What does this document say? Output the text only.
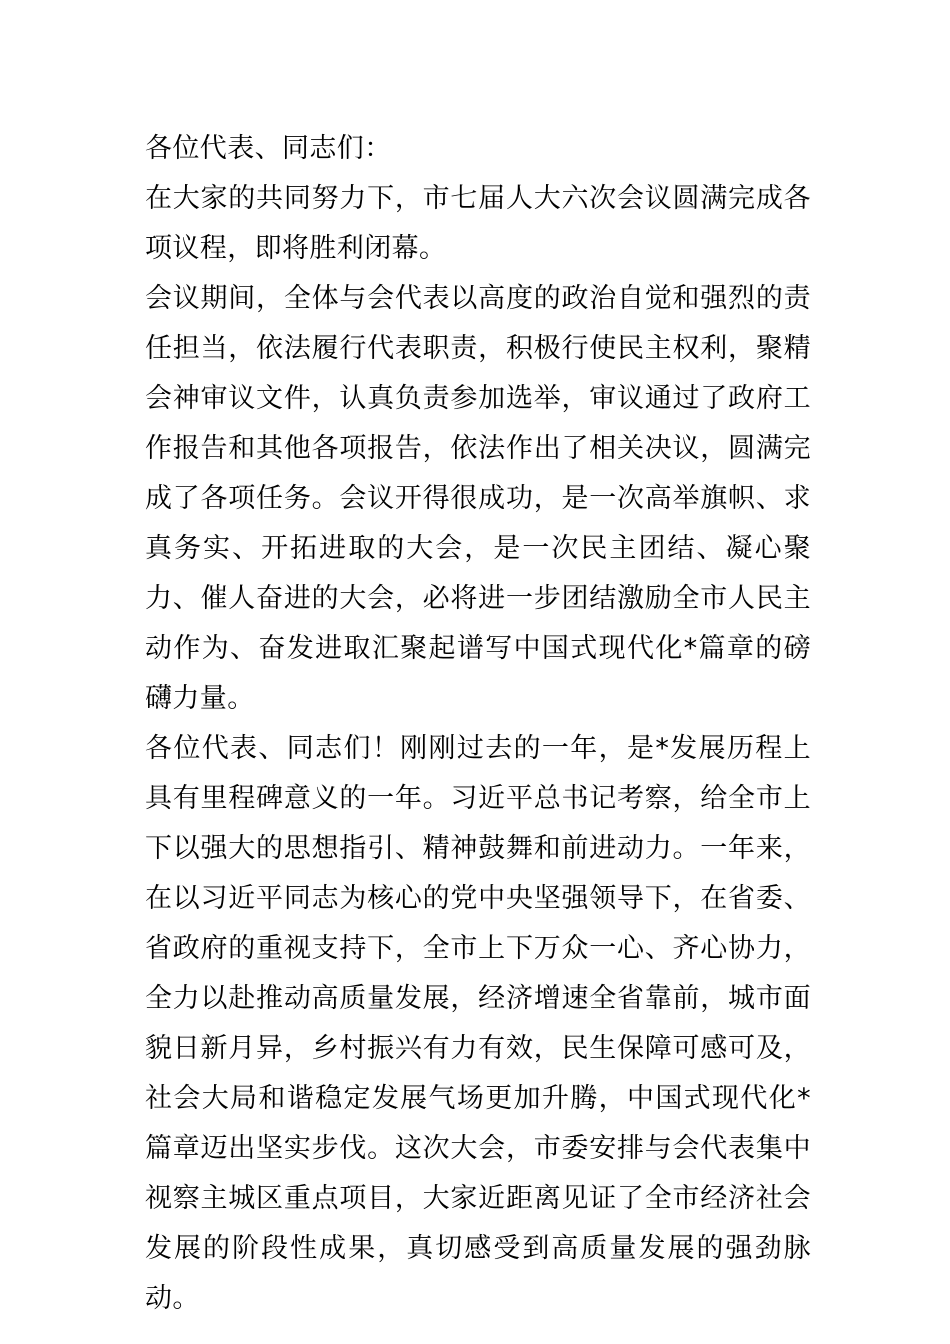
各位代表、同志们：

在大家的共同努力下，市七届人大六次会议圆满完成各项议程，即将胜利闭幕。

会议期间，全体与会代表以高度的政治自觉和强烈的责任担当，依法履行代表职责，积极行使民主权利，聚精会神审议文件，认真负责参加选举，审议通过了政府工作报告和其他各项报告，依法作出了相关决议，圆满完成了各项任务。会议开得很成功，是一次高举旗帜、求真务实、开拓进取的大会，是一次民主团结、凝心聚力、催人奋进的大会，必将进一步团结激励全市人民主动作为、奋发进取汇聚起谱写中国式现代化*篇章的磅礴力量。

各位代表、同志们！刚刚过去的一年，是*发展历程上具有里程碑意义的一年。习近平总书记考察，给全市上下以强大的思想指引、精神鼓舞和前进动力。一年来，在以习近平同志为核心的党中央坚强领导下，在省委、省政府的重视支持下，全市上下万众一心、齐心协力，全力以赴推动高质量发展，经济增速全省靠前，城市面貌日新月异，乡村振兴有力有效，民生保障可感可及，社会大局和谐稳定发展气场更加升腾，中国式现代化*篇章迈出坚实步伐。这次大会，市委安排与会代表集中视察主城区重点项目，大家近距离见证了全市经济社会发展的阶段性成果，真切感受到高质量发展的强劲脉动。
